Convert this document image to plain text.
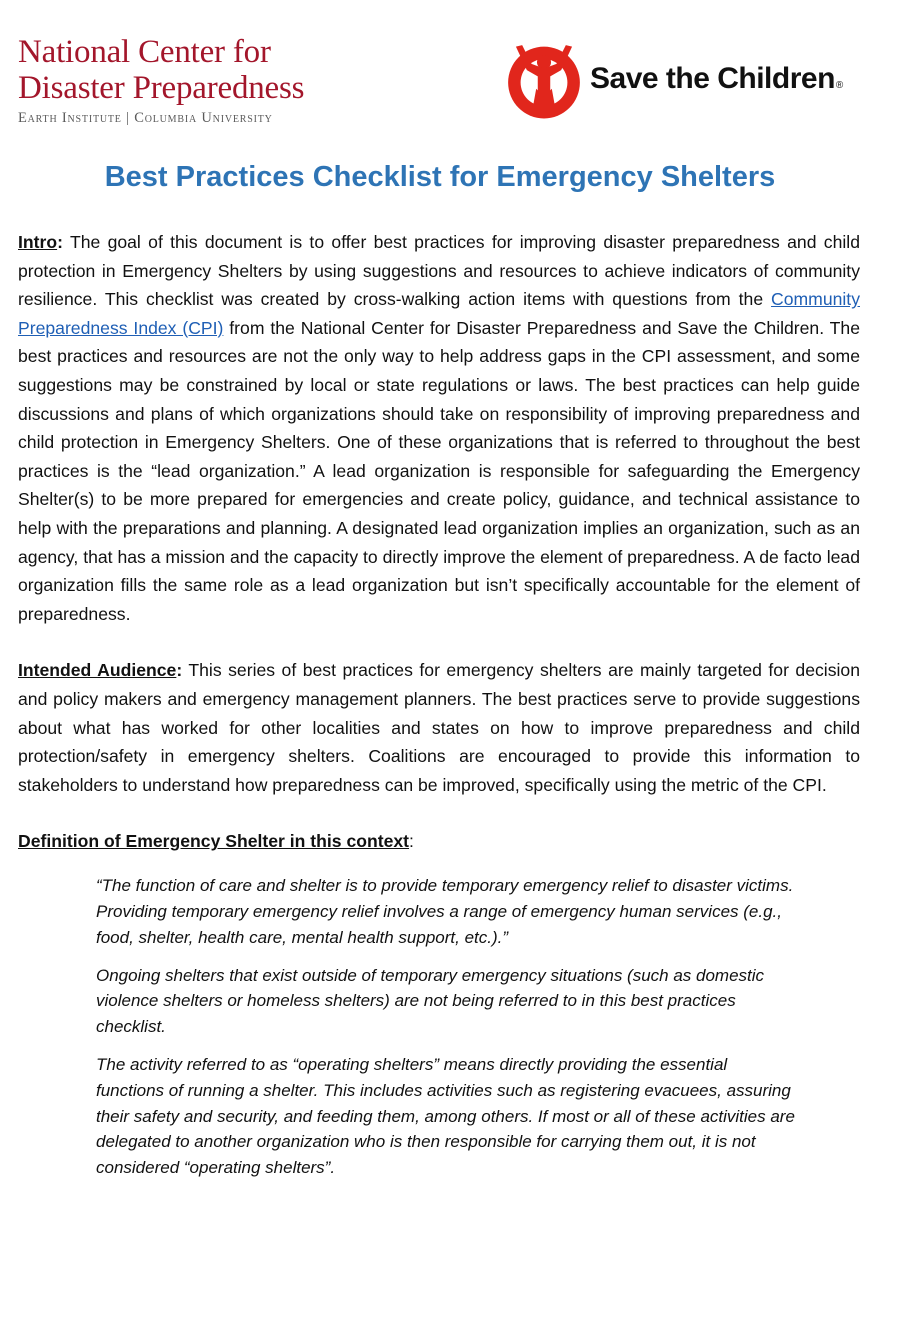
National Center for
Disaster Preparedness
Earth Institute | Columbia University
Save the Children®
Best Practices Checklist for Emergency Shelters

Intro: The goal of this document is to offer best practices for improving disaster preparedness and child protection in Emergency Shelters by using suggestions and resources to achieve indicators of community resilience. This checklist was created by cross-walking action items with questions from the Community Preparedness Index (CPI) from the National Center for Disaster Preparedness and Save the Children. The best practices and resources are not the only way to help address gaps in the CPI assessment, and some suggestions may be constrained by local or state regulations or laws. The best practices can help guide discussions and plans of which organizations should take on responsibility of improving preparedness and child protection in Emergency Shelters. One of these organizations that is referred to throughout the best practices is the “lead organization.” A lead organization is responsible for safeguarding the Emergency Shelter(s) to be more prepared for emergencies and create policy, guidance, and technical assistance to help with the preparations and planning. A designated lead organization implies an organization, such as an agency, that has a mission and the capacity to directly improve the element of preparedness. A de facto lead organization fills the same role as a lead organization but isn’t specifically accountable for the element of preparedness.

Intended Audience: This series of best practices for emergency shelters are mainly targeted for decision and policy makers and emergency management planners. The best practices serve to provide suggestions about what has worked for other localities and states on how to improve preparedness and child protection/safety in emergency shelters. Coalitions are encouraged to provide this information to stakeholders to understand how preparedness can be improved, specifically using the metric of the CPI.

Definition of Emergency Shelter in this context:

“The function of care and shelter is to provide temporary emergency relief to disaster victims. Providing temporary emergency relief involves a range of emergency human services (e.g., food, shelter, health care, mental health support, etc.).”

Ongoing shelters that exist outside of temporary emergency situations (such as domestic violence shelters or homeless shelters) are not being referred to in this best practices checklist.

The activity referred to as “operating shelters” means directly providing the essential functions of running a shelter. This includes activities such as registering evacuees, assuring their safety and security, and feeding them, among others. If most or all of these activities are delegated to another organization who is then responsible for carrying them out, it is not considered “operating shelters”.
